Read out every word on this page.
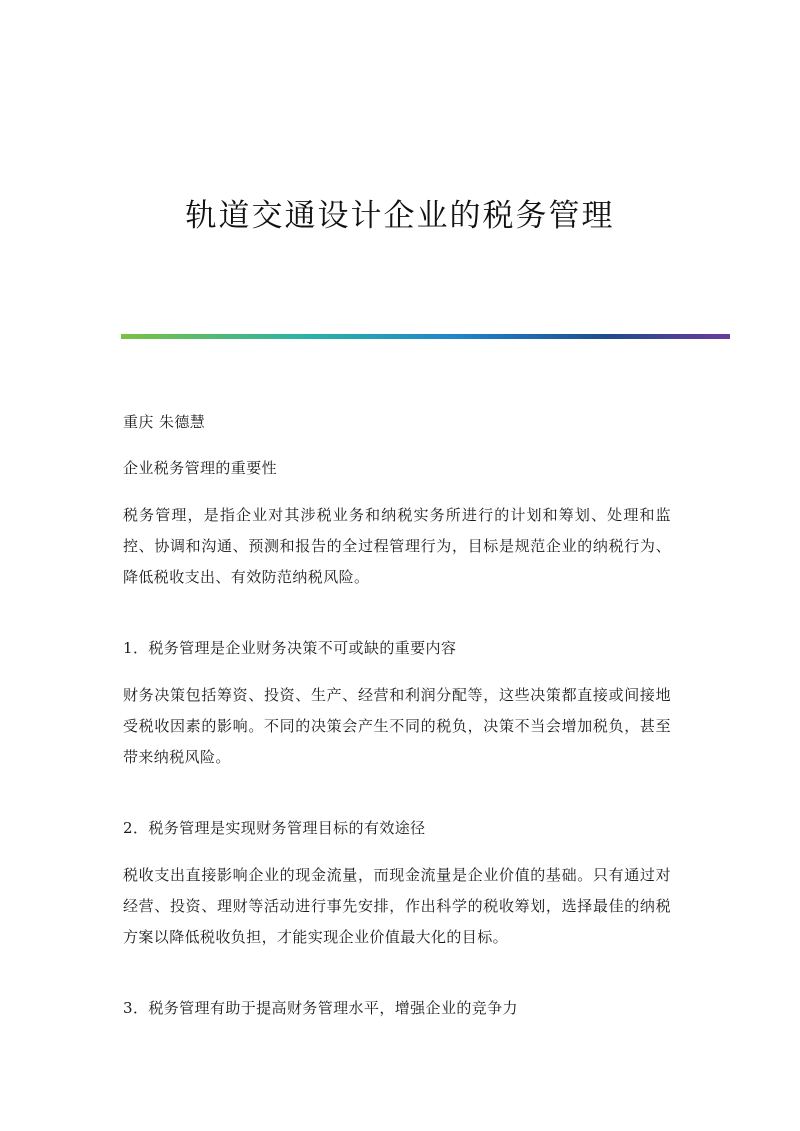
轨道交通设计企业的税务管理

重庆 朱德慧

企业税务管理的重要性

税务管理，是指企业对其涉税业务和纳税实务所进行的计划和筹划、处理和监控、协调和沟通、预测和报告的全过程管理行为，目标是规范企业的纳税行为、降低税收支出、有效防范纳税风险。

1．税务管理是企业财务决策不可或缺的重要内容

财务决策包括筹资、投资、生产、经营和利润分配等，这些决策都直接或间接地受税收因素的影响。不同的决策会产生不同的税负，决策不当会增加税负，甚至带来纳税风险。

2．税务管理是实现财务管理目标的有效途径

税收支出直接影响企业的现金流量，而现金流量是企业价值的基础。只有通过对经营、投资、理财等活动进行事先安排，作出科学的税收筹划，选择最佳的纳税方案以降低税收负担，才能实现企业价值最大化的目标。

3．税务管理有助于提高财务管理水平，增强企业的竞争力
